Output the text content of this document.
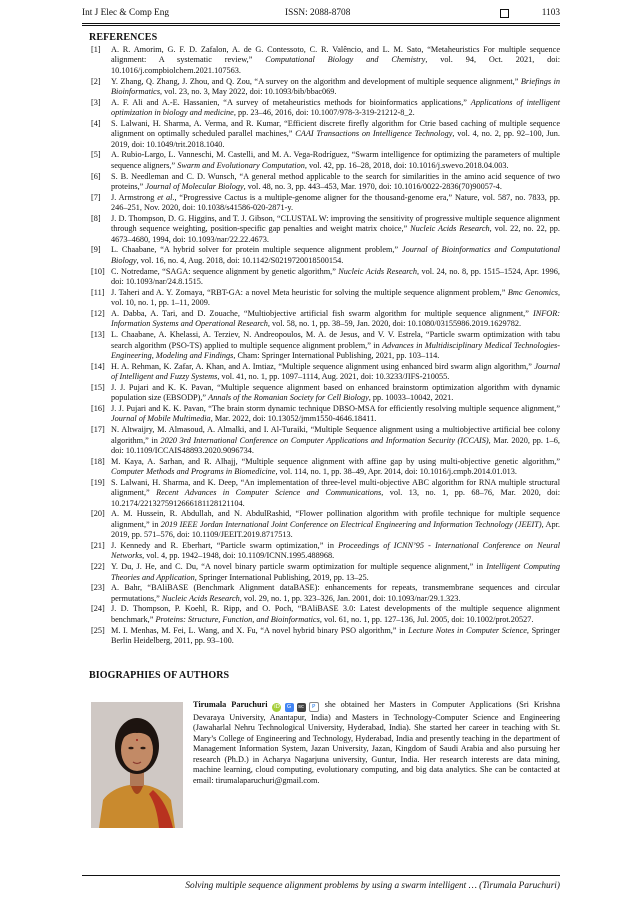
Int J Elec & Comp Eng	ISSN: 2088-8708	1103
REFERENCES
[1] A. R. Amorim, G. F. D. Zafalon, A. de G. Contessoto, C. R. Valêncio, and L. M. Sato, “Metaheuristics For multiple sequence alignment: A systematic review,” Computational Biology and Chemistry, vol. 94, Oct. 2021, doi: 10.1016/j.compbiolchem.2021.107563.
[2] Y. Zhang, Q. Zhang, J. Zhou, and Q. Zou, “A survey on the algorithm and development of multiple sequence alignment,” Briefings in Bioinformatics, vol. 23, no. 3, May 2022, doi: 10.1093/bib/bbac069.
[3] A. F. Ali and A.-E. Hassanien, “A survey of metaheuristics methods for bioinformatics applications,” Applications of intelligent optimization in biology and medicine, pp. 23–46, 2016, doi: 10.1007/978-3-319-21212-8_2.
[4] S. Lalwani, H. Sharma, A. Verma, and R. Kumar, “Efficient discrete firefly algorithm for Ctrie based caching of multiple sequence alignment on optimally scheduled parallel machines,” CAAI Transactions on Intelligence Technology, vol. 4, no. 2, pp. 92–100, Jun. 2019, doi: 10.1049/trit.2018.1040.
[5] A. Rubio-Largo, L. Vanneschi, M. Castelli, and M. A. Vega-Rodríguez, “Swarm intelligence for optimizing the parameters of multiple sequence aligners,” Swarm and Evolutionary Computation, vol. 42, pp. 16–28, 2018, doi: 10.1016/j.swevo.2018.04.003.
[6] S. B. Needleman and C. D. Wunsch, “A general method applicable to the search for similarities in the amino acid sequence of two proteins,” Journal of Molecular Biology, vol. 48, no. 3, pp. 443–453, Mar. 1970, doi: 10.1016/0022-2836(70)90057-4.
[7] J. Armstrong et al., “Progressive Cactus is a multiple-genome aligner for the thousand-genome era,” Nature, vol. 587, no. 7833, pp. 246–251, Nov. 2020, doi: 10.1038/s41586-020-2871-y.
[8] J. D. Thompson, D. G. Higgins, and T. J. Gibson, “CLUSTAL W: improving the sensitivity of progressive multiple sequence alignment through sequence weighting, position-specific gap penalties and weight matrix choice,” Nucleic Acids Research, vol. 22, no. 22, pp. 4673–4680, 1994, doi: 10.1093/nar/22.22.4673.
[9] L. Chaabane, “A hybrid solver for protein multiple sequence alignment problem,” Journal of Bioinformatics and Computational Biology, vol. 16, no. 4, Aug. 2018, doi: 10.1142/S0219720018500154.
[10] C. Notredame, “SAGA: sequence alignment by genetic algorithm,” Nucleic Acids Research, vol. 24, no. 8, pp. 1515–1524, Apr. 1996, doi: 10.1093/nar/24.8.1515.
[11] J. Taheri and A. Y. Zomaya, “RBT-GA: a novel Meta heuristic for solving the multiple sequence alignment problem,” Bmc Genomics, vol. 10, no. 1, pp. 1–11, 2009.
[12] A. Dabba, A. Tari, and D. Zouache, “Multiobjective artificial fish swarm algorithm for multiple sequence alignment,” INFOR: Information Systems and Operational Research, vol. 58, no. 1, pp. 38–59, Jan. 2020, doi: 10.1080/03155986.2019.1629782.
[13] L. Chaabane, A. Khelassi, A. Terziev, N. Andreopoulos, M. A. de Jesus, and V. V. Estrela, “Particle swarm optimization with tabu search algorithm (PSO-TS) applied to multiple sequence alignment problem,” in Advances in Multidisciplinary Medical Technologies-Engineering, Modeling and Findings, Cham: Springer International Publishing, 2021, pp. 103–114.
[14] H. A. Rehman, K. Zafar, A. Khan, and A. Imtiaz, “Multiple sequence alignment using enhanced bird swarm align algorithm,” Journal of Intelligent and Fuzzy Systems, vol. 41, no. 1, pp. 1097–1114, Aug. 2021, doi: 10.3233/JIFS-210055.
[15] J. J. Pujari and K. K. Pavan, “Multiple sequence alignment based on enhanced brainstorm optimization algorithm with dynamic population size (EBSODP),” Annals of the Romanian Society for Cell Biology, pp. 10033–10042, 2021.
[16] J. J. Pujari and K. K. Pavan, “The brain storm dynamic technique DBSO-MSA for efficiently resolving multiple sequence alignment,” Journal of Mobile Multimedia, Mar. 2022, doi: 10.13052/jmm1550-4646.18411.
[17] N. Altwaijry, M. Almasoud, A. Almalki, and I. Al-Turaiki, “Multiple Sequence alignment using a multiobjective artificial bee colony algorithm,” in 2020 3rd International Conference on Computer Applications and Information Security (ICCAIS), Mar. 2020, pp. 1–6, doi: 10.1109/ICCAIS48893.2020.9096734.
[18] M. Kaya, A. Sarhan, and R. Alhajj, “Multiple sequence alignment with affine gap by using multi-objective genetic algorithm,” Computer Methods and Programs in Biomedicine, vol. 114, no. 1, pp. 38–49, Apr. 2014, doi: 10.1016/j.cmpb.2014.01.013.
[19] S. Lalwani, H. Sharma, and K. Deep, “An implementation of three-level multi-objective ABC algorithm for RNA multiple structural alignment,” Recent Advances in Computer Science and Communications, vol. 13, no. 1, pp. 68–76, Mar. 2020, doi: 10.2174/2213275912666181128121104.
[20] A. M. Hussein, R. Abdullah, and N. AbdulRashid, “Flower pollination algorithm with profile technique for multiple sequence alignment,” in 2019 IEEE Jordan International Joint Conference on Electrical Engineering and Information Technology (JEEIT), Apr. 2019, pp. 571–576, doi: 10.1109/JEEIT.2019.8717513.
[21] J. Kennedy and R. Eberhart, “Particle swarm optimization,” in Proceedings of ICNN’95 - International Conference on Neural Networks, vol. 4, pp. 1942–1948, doi: 10.1109/ICNN.1995.488968.
[22] Y. Du, J. He, and C. Du, “A novel binary particle swarm optimization for multiple sequence alignment,” in Intelligent Computing Theories and Application, Springer International Publishing, 2019, pp. 13–25.
[23] A. Bahr, “BAliBASE (Benchmark Alignment dataBASE): enhancements for repeats, transmembrane sequences and circular permutations,” Nucleic Acids Research, vol. 29, no. 1, pp. 323–326, Jan. 2001, doi: 10.1093/nar/29.1.323.
[24] J. D. Thompson, P. Koehl, R. Ripp, and O. Poch, “BAliBASE 3.0: Latest developments of the multiple sequence alignment benchmark,” Proteins: Structure, Function, and Bioinformatics, vol. 61, no. 1, pp. 127–136, Jul. 2005, doi: 10.1002/prot.20527.
[25] M. I. Menhas, M. Fei, L. Wang, and X. Fu, “A novel hybrid binary PSO algorithm,” in Lecture Notes in Computer Science, Springer Berlin Heidelberg, 2011, pp. 93–100.
BIOGRAPHIES OF AUTHORS
Tirumala Paruchuri iD G sc P she obtained her Masters in Computer Applications (Sri Krishna Devaraya University, Anantapur, India) and Masters in Technology-Computer Science and Engineering (Jawaharlal Nehru Technological University, Hyderabad, India). She started her career in teaching with St. Mary’s College of Engineering and Technology, Hyderabad, India and presently teaching in the department of Management Information System, Jazan University, Jazan, Kingdom of Saudi Arabia and also pursuing her research (Ph.D.) in Acharya Nagarjuna university, Guntur, India. Her research interests are data mining, machine learning, cloud computing, evolutionary computing, and big data analytics. She can be contacted at email: tirumalaparuchuri@gmail.com.
Solving multiple sequence alignment problems by using a swarm intelligent … (Tirumala Paruchuri)
